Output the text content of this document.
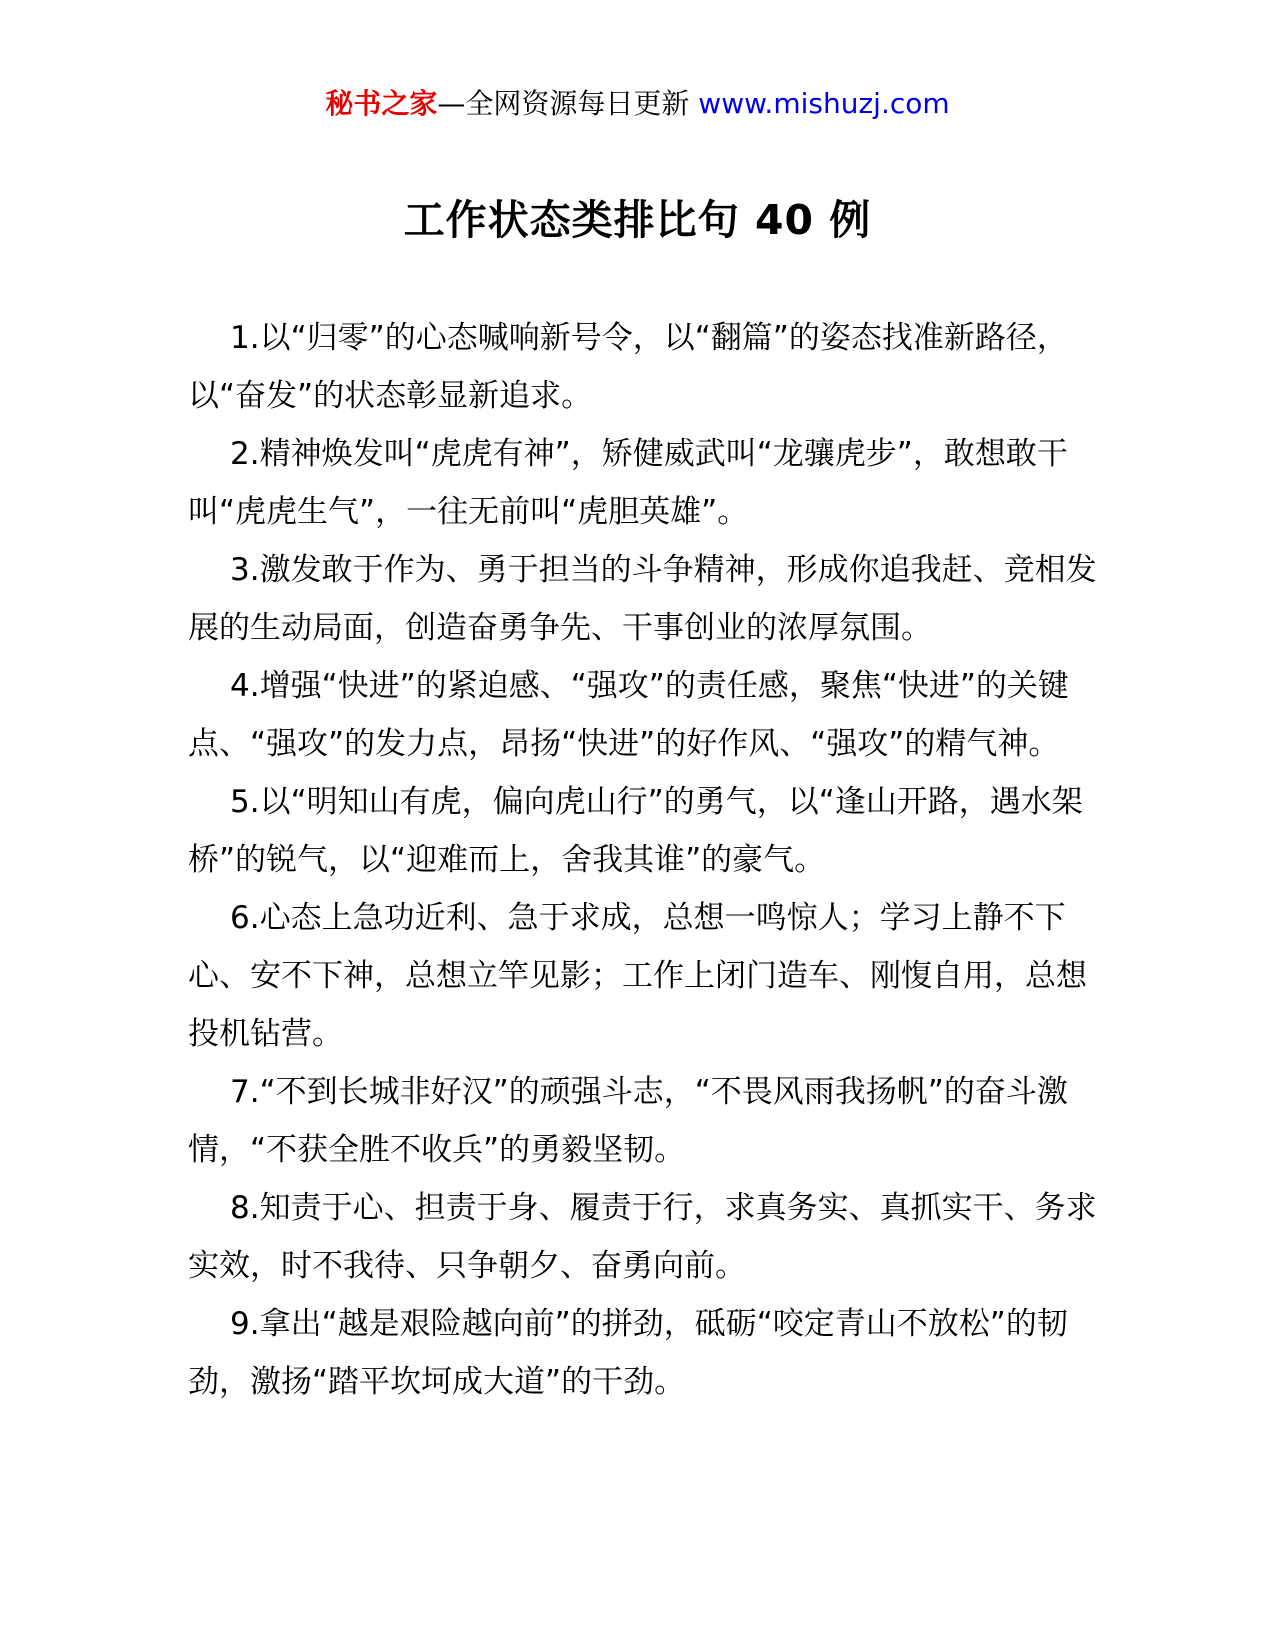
秘书之家—全网资源每日更新 www.mishuzj.com
工作状态类排比句 40 例

1.以“归零”的心态喊响新号令，以“翻篇”的姿态找准新路径，以“奋发”的状态彰显新追求。

2.精神焕发叫“虎虎有神”，矫健威武叫“龙骧虎步”，敢想敢干叫“虎虎生气”，一往无前叫“虎胆英雄”。

3.激发敢于作为、勇于担当的斗争精神，形成你追我赶、竞相发展的生动局面，创造奋勇争先、干事创业的浓厚氛围。

4.增强“快进”的紧迫感、“强攻”的责任感，聚焦“快进”的关键点、“强攻”的发力点，昂扬“快进”的好作风、“强攻”的精气神。

5.以“明知山有虎，偏向虎山行”的勇气，以“逢山开路，遇水架桥”的锐气，以“迎难而上，舍我其谁”的豪气。

6.心态上急功近利、急于求成，总想一鸣惊人；学习上静不下心、安不下神，总想立竿见影；工作上闭门造车、刚愎自用，总想投机钻营。

7.“不到长城非好汉”的顽强斗志，“不畏风雨我扬帆”的奋斗激情，“不获全胜不收兵”的勇毅坚韧。

8.知责于心、担责于身、履责于行，求真务实、真抓实干、务求实效，时不我待、只争朝夕、奋勇向前。

9.拿出“越是艰险越向前”的拼劲，砥砺“咬定青山不放松”的韧劲，激扬“踏平坎坷成大道”的干劲。
